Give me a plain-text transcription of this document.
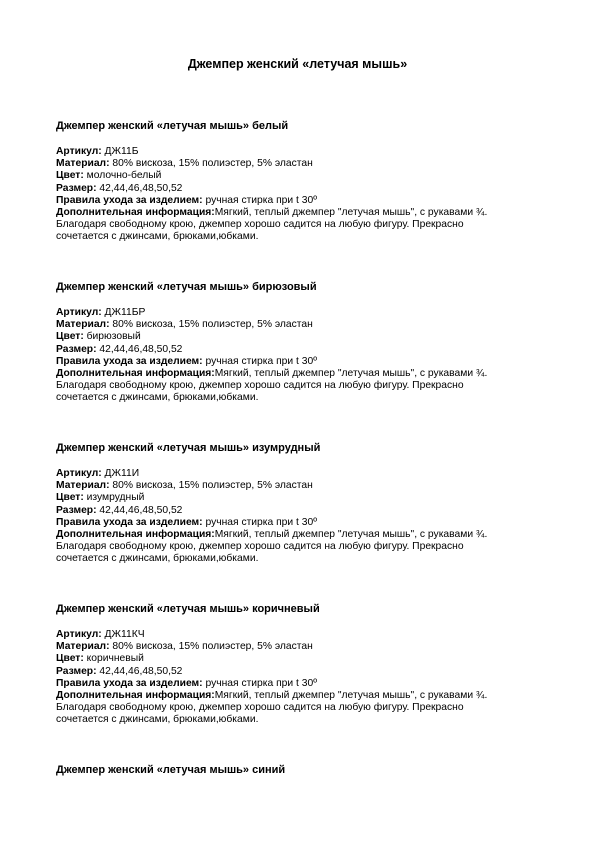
Джемпер женский «летучая мышь»
Джемпер женский «летучая мышь» белый
Артикул: ДЖ11Б
Материал: 80% вискоза, 15% полиэстер, 5% эластан
Цвет: молочно-белый
Размер: 42,44,46,48,50,52
Правила ухода за изделием: ручная стирка при t 30º
Дополнительная информация:Мягкий, теплый джемпер "летучая мышь", с рукавами ¾.
Благодаря свободному крою, джемпер хорошо садится на любую фигуру. Прекрасно
сочетается с джинсами, брюками,юбками.
Джемпер женский «летучая мышь» бирюзовый
Артикул: ДЖ11БР
Материал: 80% вискоза, 15% полиэстер, 5% эластан
Цвет: бирюзовый
Размер: 42,44,46,48,50,52
Правила ухода за изделием: ручная стирка при t 30º
Дополнительная информация:Мягкий, теплый джемпер "летучая мышь", с рукавами ¾.
Благодаря свободному крою, джемпер хорошо садится на любую фигуру. Прекрасно
сочетается с джинсами, брюками,юбками.
Джемпер женский «летучая мышь» изумрудный
Артикул: ДЖ11И
Материал: 80% вискоза, 15% полиэстер, 5% эластан
Цвет: изумрудный
Размер: 42,44,46,48,50,52
Правила ухода за изделием: ручная стирка при t 30º
Дополнительная информация:Мягкий, теплый джемпер "летучая мышь", с рукавами ¾.
Благодаря свободному крою, джемпер хорошо садится на любую фигуру. Прекрасно
сочетается с джинсами, брюками,юбками.
Джемпер женский «летучая мышь» коричневый
Артикул: ДЖ11КЧ
Материал: 80% вискоза, 15% полиэстер, 5% эластан
Цвет: коричневый
Размер: 42,44,46,48,50,52
Правила ухода за изделием: ручная стирка при t 30º
Дополнительная информация:Мягкий, теплый джемпер "летучая мышь", с рукавами ¾.
Благодаря свободному крою, джемпер хорошо садится на любую фигуру. Прекрасно
сочетается с джинсами, брюками,юбками.
Джемпер женский «летучая мышь» синий
